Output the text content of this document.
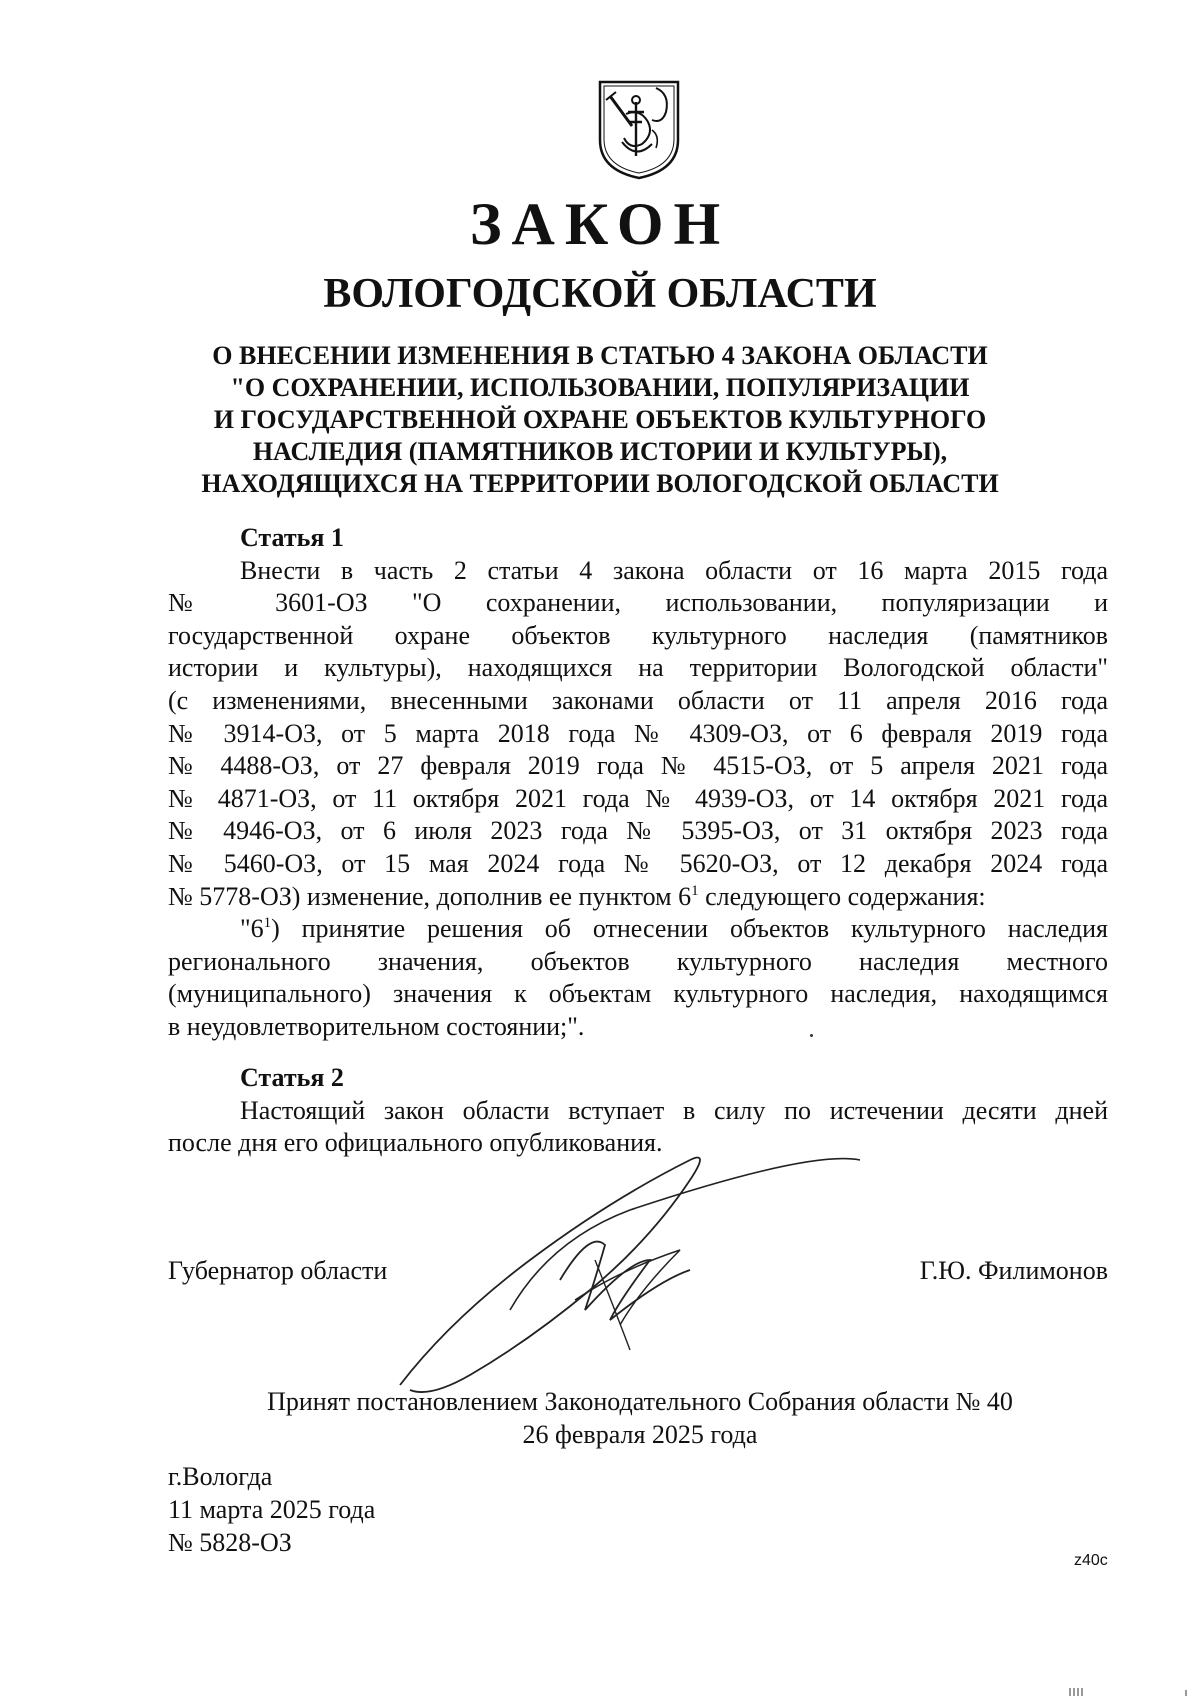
ЗАКОН
ВОЛОГОДСКОЙ ОБЛАСТИ
О ВНЕСЕНИИ ИЗМЕНЕНИЯ В СТАТЬЮ 4 ЗАКОНА ОБЛАСТИ
"О СОХРАНЕНИИ, ИСПОЛЬЗОВАНИИ, ПОПУЛЯРИЗАЦИИ
И ГОСУДАРСТВЕННОЙ ОХРАНЕ ОБЪЕКТОВ КУЛЬТУРНОГО
НАСЛЕДИЯ (ПАМЯТНИКОВ ИСТОРИИ И КУЛЬТУРЫ),
НАХОДЯЩИХСЯ НА ТЕРРИТОРИИ ВОЛОГОДСКОЙ ОБЛАСТИ
Статья 1
Внести в часть 2 статьи 4 закона области от 16 марта 2015 года
№ 3601-ОЗ "О сохранении, использовании, популяризации и
государственной охране объектов культурного наследия (памятников
истории и культуры), находящихся на территории Вологодской области"
(с изменениями, внесенными законами области от 11 апреля 2016 года
№ 3914-ОЗ, от 5 марта 2018 года № 4309-ОЗ, от 6 февраля 2019 года
№ 4488-ОЗ, от 27 февраля 2019 года № 4515-ОЗ, от 5 апреля 2021 года
№ 4871-ОЗ, от 11 октября 2021 года № 4939-ОЗ, от 14 октября 2021 года
№ 4946-ОЗ, от 6 июля 2023 года № 5395-ОЗ, от 31 октября 2023 года
№ 5460-ОЗ, от 15 мая 2024 года № 5620-ОЗ, от 12 декабря 2024 года
№ 5778-ОЗ) изменение, дополнив ее пунктом $6^1$ следующего содержания:
"$6^1$) принятие решения об отнесении объектов культурного наследия
регионального значения, объектов культурного наследия местного
(муниципального) значения к объектам культурного наследия, находящимся
в неудовлетворительном состоянии;".
Статья 2
Настоящий закон области вступает в силу по истечении десяти дней
после дня его официального опубликования.
Губернатор области	Г.Ю. Филимонов
Принят постановлением Законодательного Собрания области № 40
26 февраля 2025 года
г.Вологда
11 марта 2025 года
№ 5828-ОЗ
z40c
